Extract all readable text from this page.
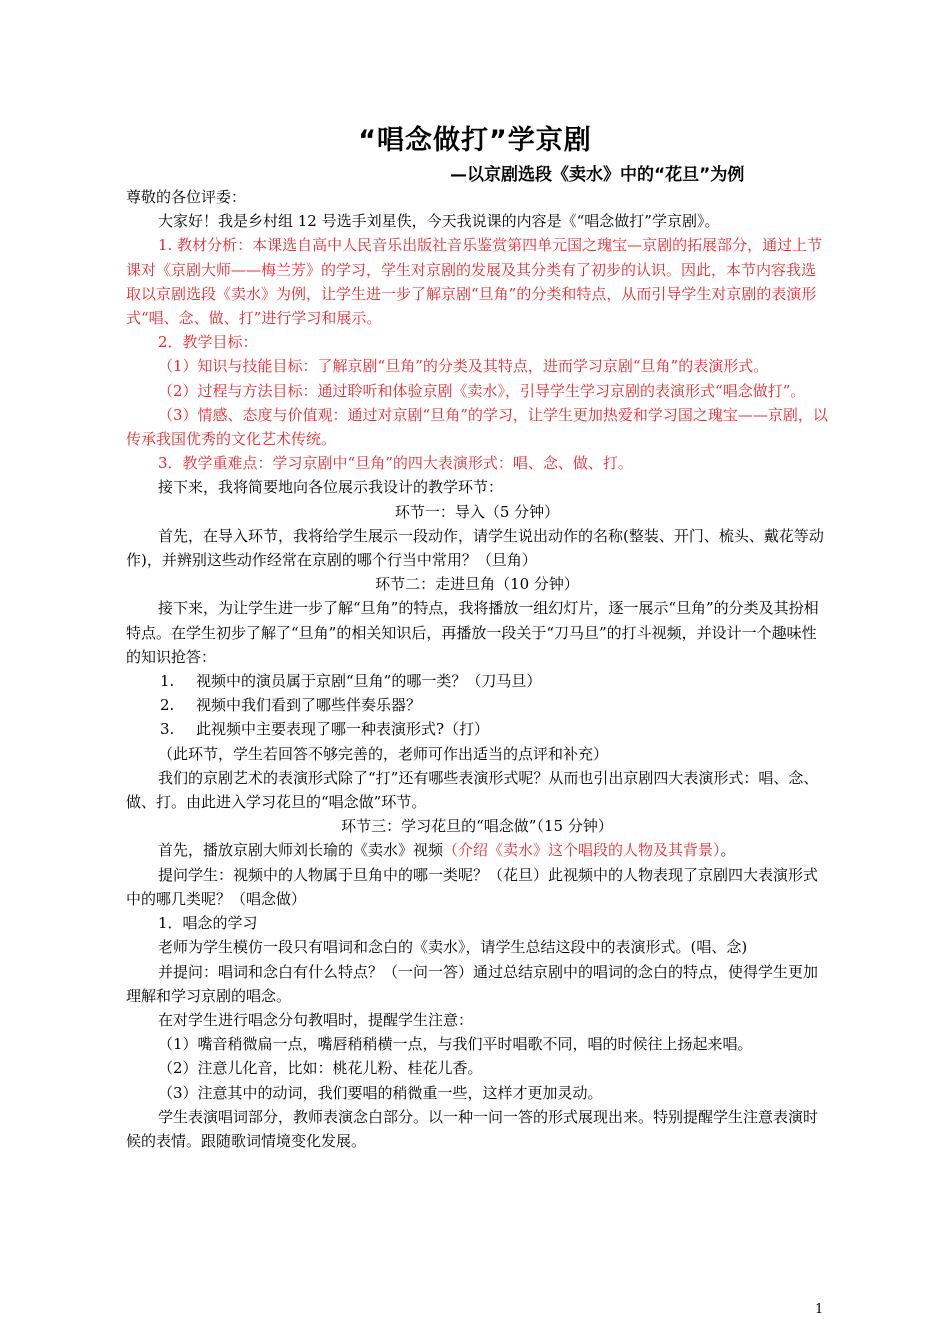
“唱念做打”学京剧
—以京剧选段《卖水》中的“花旦”为例

尊敬的各位评委：

大家好！我是乡村组 12 号选手刘星佚，今天我说课的内容是《“唱念做打”学京剧》。

1. 教材分析：本课选自高中人民音乐出版社音乐鉴赏第四单元国之瑰宝—京剧的拓展部分，通过上节课对《京剧大师——梅兰芳》的学习，学生对京剧的发展及其分类有了初步的认识。因此，本节内容我选取以京剧选段《卖水》为例，让学生进一步了解京剧“旦角”的分类和特点，从而引导学生对京剧的表演形式“唱、念、做、打”进行学习和展示。

2．教学目标：

（1）知识与技能目标：了解京剧“旦角”的分类及其特点，进而学习京剧“旦角”的表演形式。

（2）过程与方法目标：通过聆听和体验京剧《卖水》，引导学生学习京剧的表演形式“唱念做打”。

（3）情感、态度与价值观：通过对京剧“旦角”的学习，让学生更加热爱和学习国之瑰宝——京剧，以传承我国优秀的文化艺术传统。

3．教学重难点：学习京剧中“旦角”的四大表演形式：唱、念、做、打。

接下来，我将简要地向各位展示我设计的教学环节：

环节一：导入（5 分钟）

首先，在导入环节，我将给学生展示一段动作，请学生说出动作的名称(整装、开门、梳头、戴花等动作)，并辨别这些动作经常在京剧的哪个行当中常用？（旦角）

环节二：走进旦角（10 分钟）

接下来，为让学生进一步了解“旦角”的特点，我将播放一组幻灯片，逐一展示“旦角”的分类及其扮相特点。在学生初步了解了“旦角”的相关知识后，再播放一段关于“刀马旦”的打斗视频，并设计一个趣味性的知识抢答：

1. 视频中的演员属于京剧“旦角”的哪一类？（刀马旦）

2. 视频中我们看到了哪些伴奏乐器？

3. 此视频中主要表现了哪一种表演形式?（打）

（此环节，学生若回答不够完善的，老师可作出适当的点评和补充）

我们的京剧艺术的表演形式除了“打”还有哪些表演形式呢？从而也引出京剧四大表演形式：唱、念、做、打。由此进入学习花旦的“唱念做”环节。

环节三：学习花旦的“唱念做”（15 分钟）

首先，播放京剧大师刘长瑜的《卖水》视频（介绍《卖水》这个唱段的人物及其背景）。

提问学生：视频中的人物属于旦角中的哪一类呢？（花旦）此视频中的人物表现了京剧四大表演形式中的哪几类呢？（唱念做）

1．唱念的学习

老师为学生模仿一段只有唱词和念白的《卖水》，请学生总结这段中的表演形式。(唱、念)

并提问：唱词和念白有什么特点？（一问一答）通过总结京剧中的唱词的念白的特点，使得学生更加理解和学习京剧的唱念。

在对学生进行唱念分句教唱时，提醒学生注意：

（1）嘴音稍微扁一点，嘴唇稍稍横一点，与我们平时唱歌不同，唱的时候往上扬起来唱。

（2）注意儿化音，比如：桃花儿粉、桂花儿香。

（3）注意其中的动词，我们要唱的稍微重一些，这样才更加灵动。

学生表演唱词部分，教师表演念白部分。以一种一问一答的形式展现出来。特别提醒学生注意表演时候的表情。跟随歌词情境变化发展。

1
